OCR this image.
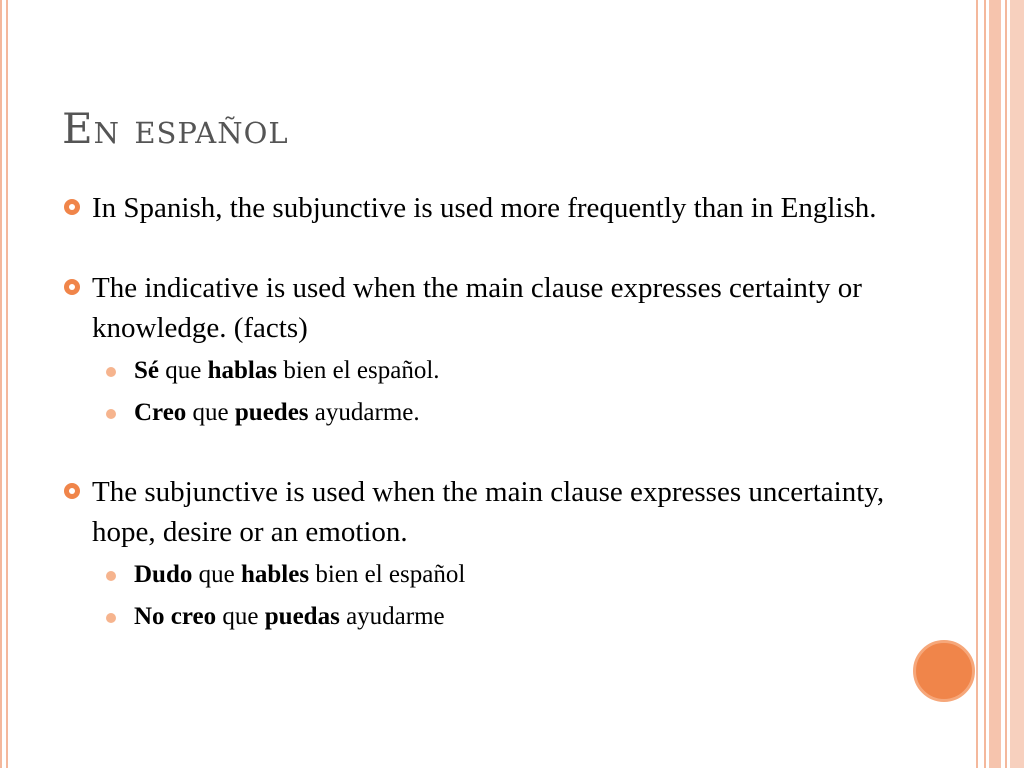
En español
In Spanish, the subjunctive is used more frequently than in English.
The indicative is used when the main clause expresses certainty or knowledge. (facts)
Sé que hablas bien el español.
Creo que puedes ayudarme.
The subjunctive is used when the main clause expresses uncertainty, hope, desire or an emotion.
Dudo que hables bien el español
No creo que puedas ayudarme
